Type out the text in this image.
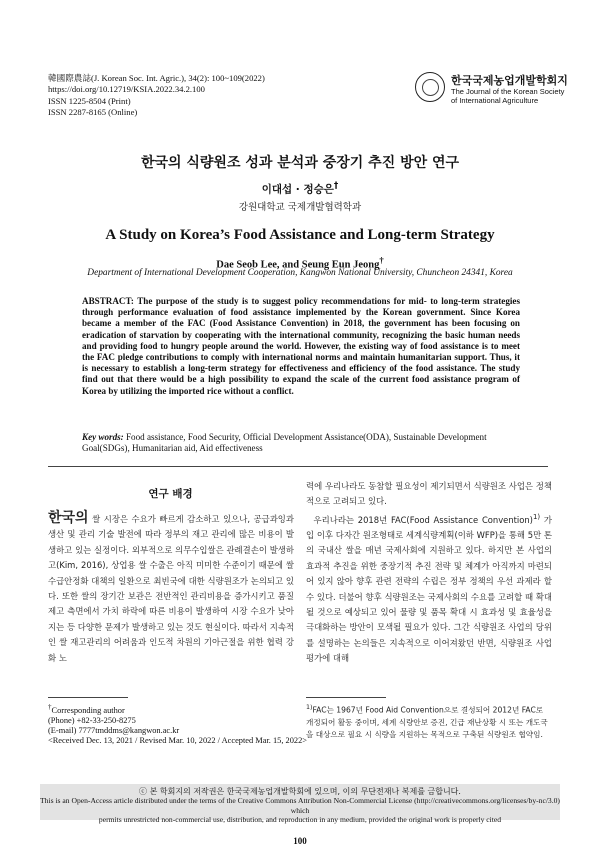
韓國際農誌(J. Korean Soc. Int. Agric.), 34(2): 100~109(2022)
https://doi.org/10.12719/KSIA.2022.34.2.100
ISSN 1225-8504 (Print)
ISSN 2287-8165 (Online)
한국국제농업개발학회지
The Journal of the Korean Society
of International Agriculture
한국의 식량원조 성과 분석과 중장기 추진 방안 연구
이대섭 · 정승은†
강원대학교 국제개발협력학과
A Study on Korea’s Food Assistance and Long-term Strategy
Dae Seob Lee, and Seung Eun Jeong†
Department of International Development Cooperation, Kangwon National University, Chuncheon 24341, Korea
ABSTRACT: The purpose of the study is to suggest policy recommendations for mid- to long-term strategies through performance evaluation of food assistance implemented by the Korean government. Since Korea became a member of the FAC (Food Assistance Convention) in 2018, the government has been focusing on eradication of starvation by cooperating with the international community, recognizing the basic human needs and providing food to hungry people around the world. However, the existing way of food assistance is to meet the FAC pledge contributions to comply with international norms and maintain humanitarian support. Thus, it is necessary to establish a long-term strategy for effectiveness and efficiency of the food assistance. The study find out that there would be a high possibility to expand the scale of the current food assistance program of Korea by utilizing the imported rice without a conflict.
Key words: Food assistance, Food Security, Official Development Assistance(ODA), Sustainable Development Goal(SDGs), Humanitarian aid, Aid effectiveness
연구 배경

한국의 쌀 시장은 수요가 빠르게 감소하고 있으나, 공급과잉과 생산 및 관리 기술 발전에 따라 정부의 재고 관리에 많은 비용이 발생하고 있는 실정이다. 외부적으로 의무수입쌀은 관례결손이 발생하고(Kim, 2016), 상업용 쌀 수출은 아직 미미한 수준이기 때문에 쌀 수급안정화 대책의 일환으로 최빈국에 대한 식량원조가 논의되고 있다. 또한 쌀의 장기간 보관은 전반적인 관리비용을 증가시키고 품질 제고 측면에서 가치 하락에 따른 비용이 발생하여 시장 수요가 낮아지는 등 다양한 문제가 발생하고 있는 것도 현실이다. 따라서 지속적인 쌀 재고관리의 어려움과 인도적 차원의 기아근절을 위한 협력 강화 노

력에 우리나라도 동참할 필요성이 제기되면서 식량원조 사업은 정책적으로 고려되고 있다.

우리나라는 2018년 FAC(Food Assistance Convention)$^{1)}$ 가입 이후 다자간 원조형태로 세계식량계획(이하 WFP)을 통해 5만 톤의 국내산 쌀을 매년 국제사회에 지원하고 있다. 하지만 본 사업의 효과적 추진을 위한 중장기적 추진 전략 및 체계가 아직까지 마련되어 있지 않아 향후 관련 전략의 수립은 정부 정책의 우선 과제라 할 수 있다. 더불어 향후 식량원조는 국제사회의 수요를 고려할 때 확대될 것으로 예상되고 있어 물량 및 품목 확대 시 효과성 및 효율성을 극대화하는 방안이 모색될 필요가 있다. 그간 식량원조 사업의 당위를 설명하는 논의들은 지속적으로 이어져왔던 반면, 식량원조 사업 평가에 대해

†Corresponding author
(Phone) +82-33-250-8275
(E-mail) 7777tmddms@kangwon.ac.kr
<Received Dec. 13, 2021 / Revised Mar. 10, 2022 / Accepted Mar. 15, 2022>
$^{1)}$FAC는 1967년 Food Aid Convention으로 결성되어 2012년 FAC로 개정되어 활동 중이며, 세계 식량안보 증진, 긴급 재난상황 시 또는 개도국을 대상으로 필요 시 식량을 지원하는 목적으로 구축된 식량원조 협약임.
ⓒ 본 학회지의 저작권은 한국국제농업개발학회에 있으며, 이의 무단전재나 복제를 금합니다.
This is an Open-Access article distributed under the terms of the Creative Commons Attribution Non-Commercial License (http://creativecommons.org/licenses/by-nc/3.0) which
permits unrestricted non-commercial use, distribution, and reproduction in any medium, provided the original work is properly cited
100
